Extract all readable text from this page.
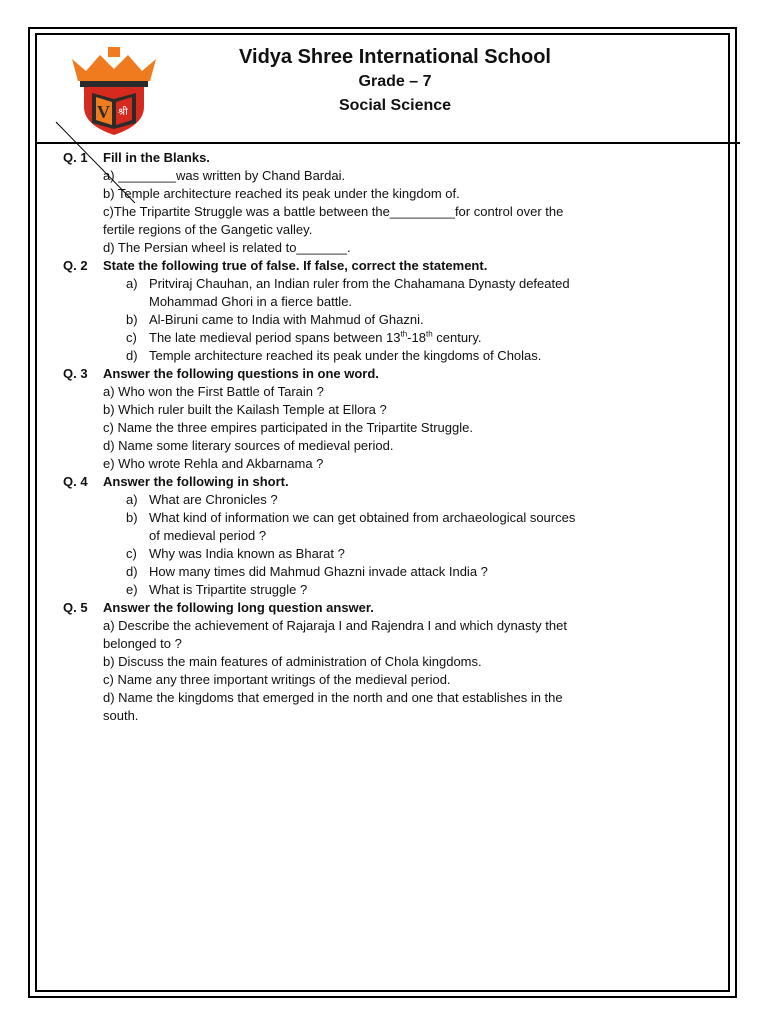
V श्री
Vidya Shree International School
Grade – 7
Social Science
Q. 1 Fill in the Blanks.
a) ________was written by Chand Bardai.
b) Temple architecture reached its peak under the kingdom of.
c)The Tripartite Struggle was a battle between the_________for control over the
fertile regions of the Gangetic valley.
d) The Persian wheel is related to_______.
Q. 2 State the following true of false. If false, correct the statement.
a) Pritviraj Chauhan, an Indian ruler from the Chahamana Dynasty defeated
Mohammad Ghori in a fierce battle.
b) Al-Biruni came to India with Mahmud of Ghazni.
c) The late medieval period spans between 13th-18th century.
d) Temple architecture reached its peak under the kingdoms of Cholas.
Q. 3 Answer the following questions in one word.
a) Who won the First Battle of Tarain ?
b) Which ruler built the Kailash Temple at Ellora ?
c) Name the three empires participated in the Tripartite Struggle.
d) Name some literary sources of medieval period.
e) Who wrote Rehla and Akbarnama ?
Q. 4 Answer the following in short.
a) What are Chronicles ?
b) What kind of information we can get obtained from archaeological sources
of medieval period ?
c) Why was India known as Bharat ?
d) How many times did Mahmud Ghazni invade attack India ?
e) What is Tripartite struggle ?
Q. 5 Answer the following long question answer.
a) Describe the achievement of Rajaraja I and Rajendra I and which dynasty thet
belonged to ?
b) Discuss the main features of administration of Chola kingdoms.
c) Name any three important writings of the medieval period.
d) Name the kingdoms that emerged in the north and one that establishes in the
south.
